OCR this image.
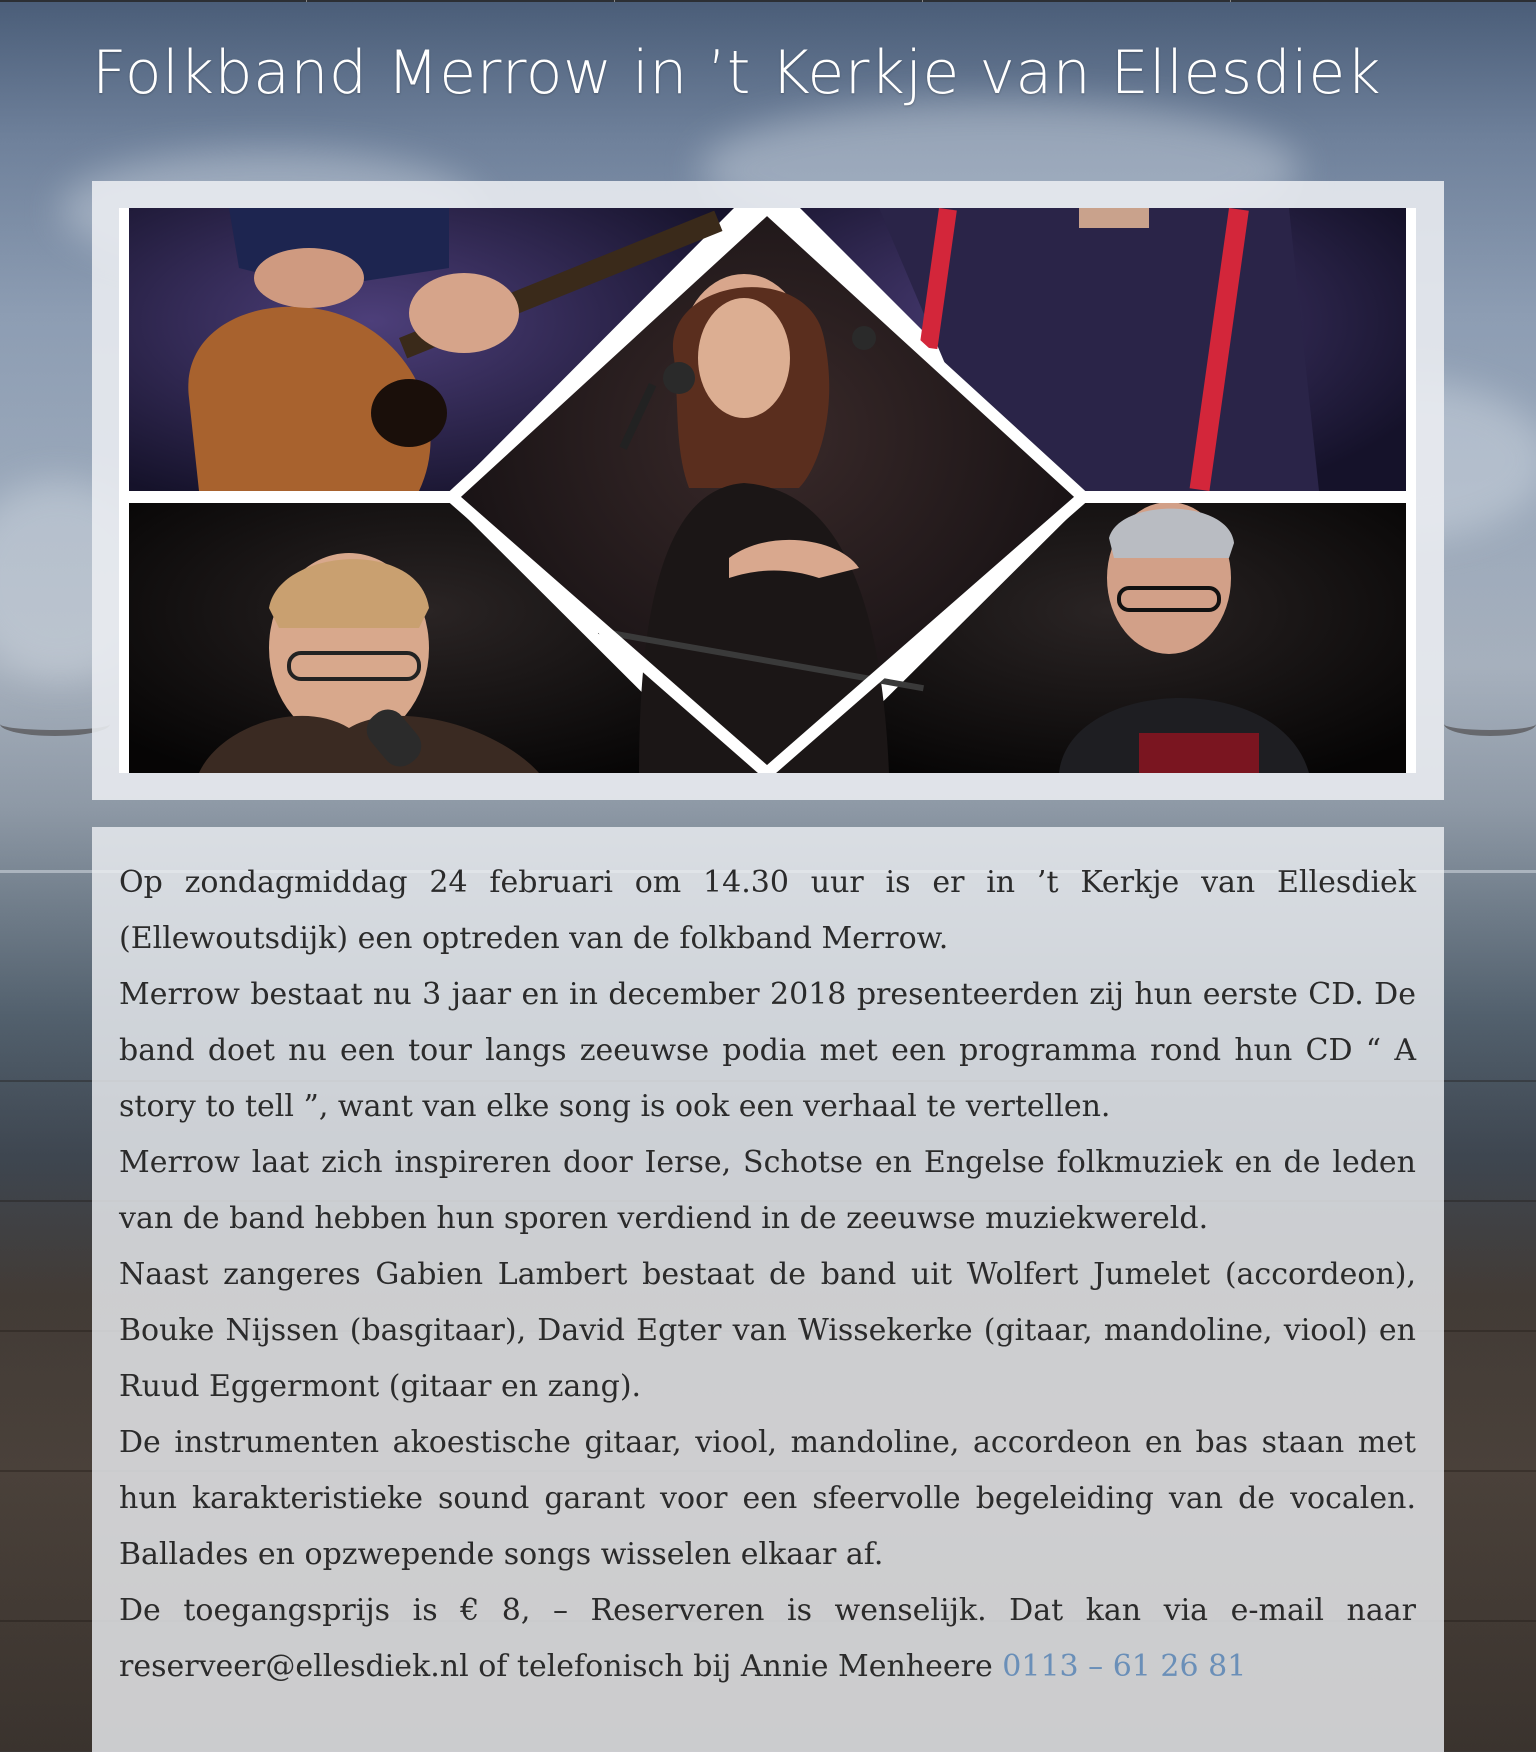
Folkband Merrow in ’t Kerkje van Ellesdiek

Op zondagmiddag 24 februari om 14.30 uur is er in ’t Kerkje van Ellesdiek (Ellewoutsdijk) een optreden van de folkband Merrow.

Merrow bestaat nu 3 jaar en in december 2018 presenteerden zij hun eerste CD. De band doet nu een tour langs zeeuwse podia met een programma rond hun CD “ A story to tell ”, want van elke song is ook een verhaal te vertellen.

Merrow laat zich inspireren door Ierse, Schotse en Engelse folkmuziek en de leden van de band hebben hun sporen verdiend in de zeeuwse muziekwereld.

Naast zangeres Gabien Lambert bestaat de band uit Wolfert Jumelet (accordeon), Bouke Nijssen (basgitaar), David Egter van Wissekerke (gitaar, mandoline, viool) en Ruud Eggermont (gitaar en zang).

De instrumenten akoestische gitaar, viool, mandoline, accordeon en bas staan met hun karakteristieke sound garant voor een sfeervolle begeleiding van de vocalen. Ballades en opzwepende songs wisselen elkaar af.

De toegangsprijs is € 8, – Reserveren is wenselijk. Dat kan via e-mail naar reserveer@ellesdiek.nl of telefonisch bij Annie Menheere 0113 – 61 26 81
